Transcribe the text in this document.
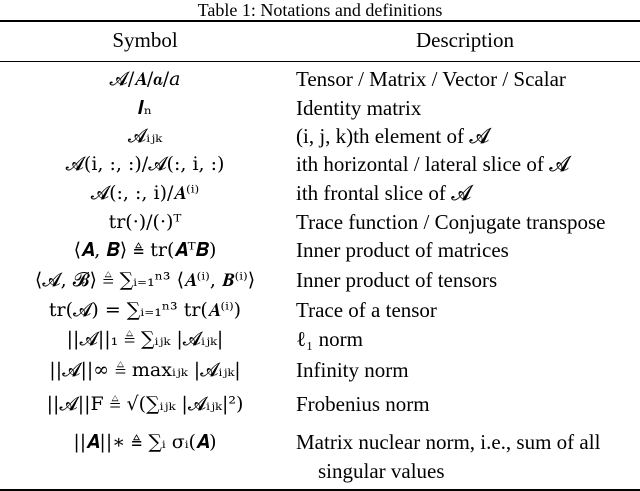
Table 1: Notations and definitions
Symbol	Description
𝓐/𝑨/𝒂/𝑎	Tensor / Matrix / Vector / Scalar
𝑰ₙ	Identity matrix
𝓐ᵢⱼₖ	(i, j, k)th element of 𝓐
𝓐(i, :, :)/𝓐(:, i, :)	ith horizontal / lateral slice of 𝓐
𝓐(:, :, i)/𝑨⁽ⁱ⁾	ith frontal slice of 𝓐
tr(·)/(·)ᵀ	Trace function / Conjugate transpose
⟨𝑨, 𝑩⟩ ≜ tr(𝑨ᵀ𝑩)	Inner product of matrices
⟨𝓐, 𝓑⟩ ≜ ∑ᵢ₌₁ⁿ³ ⟨𝑨⁽ⁱ⁾, 𝑩⁽ⁱ⁾⟩	Inner product of tensors
tr(𝓐) = ∑ᵢ₌₁ⁿ³ tr(𝑨⁽ⁱ⁾)	Trace of a tensor
||𝓐||₁ ≜ ∑ᵢⱼₖ |𝓐ᵢⱼₖ|	ℓ₁ norm
||𝓐||∞ ≜ maxᵢⱼₖ |𝓐ᵢⱼₖ|	Infinity norm
||𝓐||F ≜ √(∑ᵢⱼₖ |𝓐ᵢⱼₖ|²)	Frobenius norm
||𝑨||∗ ≜ ∑ᵢ σᵢ(𝑨)	Matrix nuclear norm, i.e., sum of all
singular values
